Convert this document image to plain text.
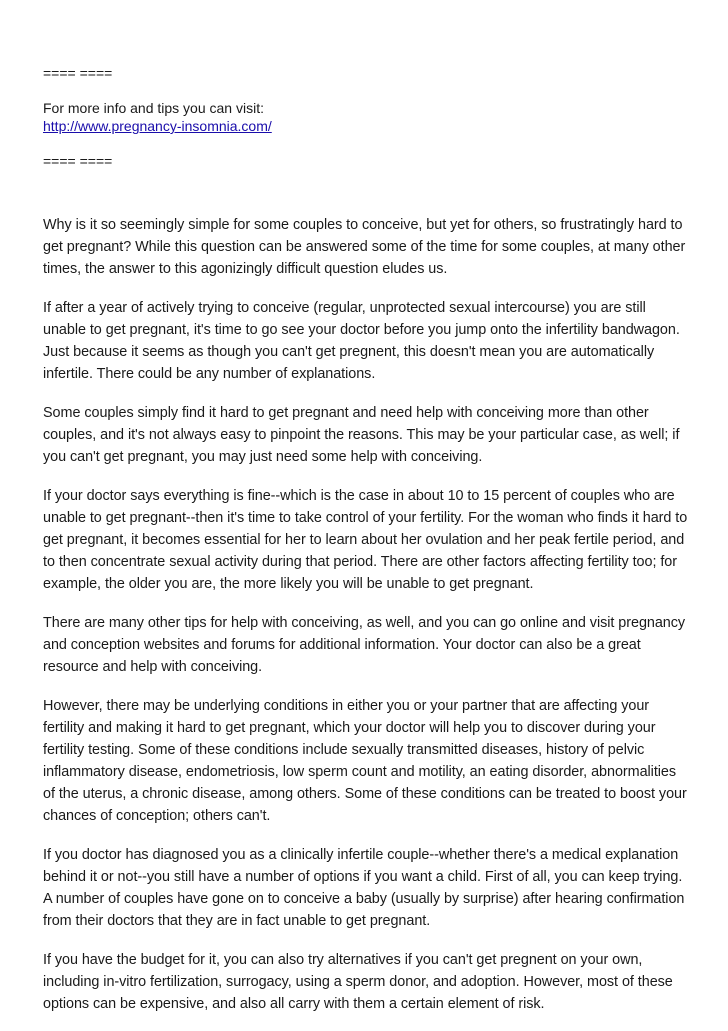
==== ====

For more info and tips you can visit:

http://www.pregnancy-insomnia.com/

==== ====

Why is it so seemingly simple for some couples to conceive, but yet for others, so frustratingly hard to get pregnant? While this question can be answered some of the time for some couples, at many other times, the answer to this agonizingly difficult question eludes us.

If after a year of actively trying to conceive (regular, unprotected sexual intercourse) you are still unable to get pregnant, it's time to go see your doctor before you jump onto the infertility bandwagon. Just because it seems as though you can't get pregnent, this doesn't mean you are automatically infertile. There could be any number of explanations.

Some couples simply find it hard to get pregnant and need help with conceiving more than other couples, and it's not always easy to pinpoint the reasons. This may be your particular case, as well; if you can't get pregnant, you may just need some help with conceiving.

If your doctor says everything is fine--which is the case in about 10 to 15 percent of couples who are unable to get pregnant--then it's time to take control of your fertility. For the woman who finds it hard to get pregnant, it becomes essential for her to learn about her ovulation and her peak fertile period, and to then concentrate sexual activity during that period. There are other factors affecting fertility too; for example, the older you are, the more likely you will be unable to get pregnant.

There are many other tips for help with conceiving, as well, and you can go online and visit pregnancy and conception websites and forums for additional information. Your doctor can also be a great resource and help with conceiving.

However, there may be underlying conditions in either you or your partner that are affecting your fertility and making it hard to get pregnant, which your doctor will help you to discover during your fertility testing. Some of these conditions include sexually transmitted diseases, history of pelvic inflammatory disease, endometriosis, low sperm count and motility, an eating disorder, abnormalities of the uterus, a chronic disease, among others. Some of these conditions can be treated to boost your chances of conception; others can't.

If you doctor has diagnosed you as a clinically infertile couple--whether there's a medical explanation behind it or not--you still have a number of options if you want a child. First of all, you can keep trying. A number of couples have gone on to conceive a baby (usually by surprise) after hearing confirmation from their doctors that they are in fact unable to get pregnant.

If you have the budget for it, you can also try alternatives if you can't get pregnent on your own, including in-vitro fertilization, surrogacy, using a sperm donor, and adoption. However, most of these options can be expensive, and also all carry with them a certain element of risk.
